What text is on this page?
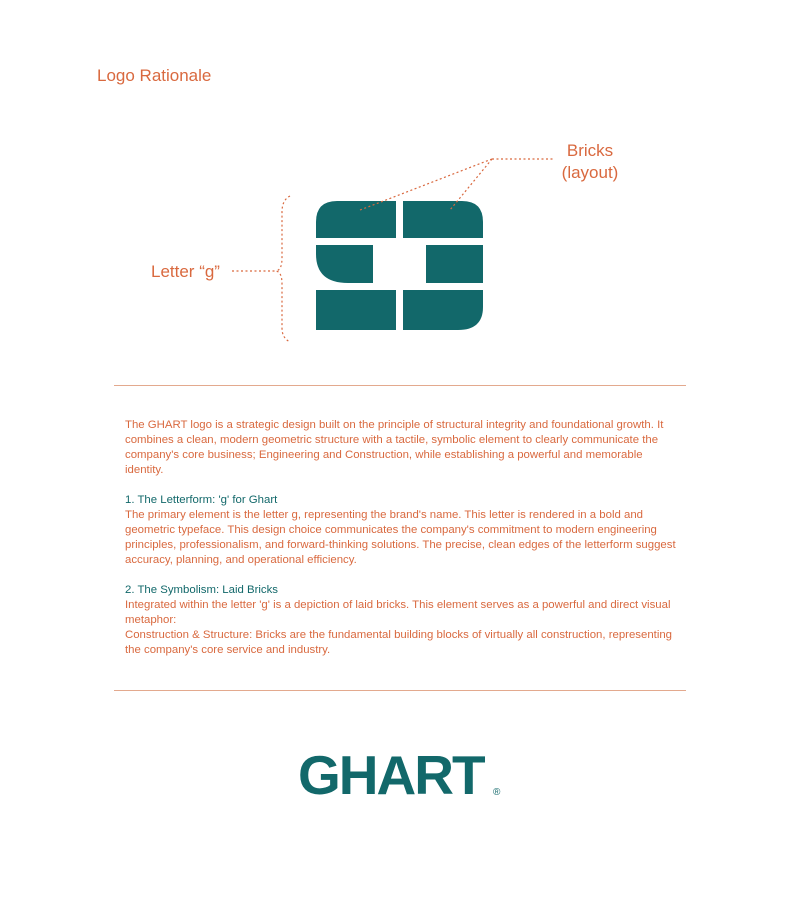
Logo Rationale
Bricks
(layout)
Letter “g”

The GHART logo is a strategic design built on the principle of structural integrity and foundational growth. It combines a clean, modern geometric structure with a tactile, symbolic element to clearly communicate the company's core business; Engineering and Construction, while establishing a powerful and memorable identity.

1. The Letterform: 'g' for Ghart

The primary element is the letter g, representing the brand's name. This letter is rendered in a bold and geometric typeface. This design choice communicates the company's commitment to modern engineering principles, professionalism, and forward-thinking solutions. The precise, clean edges of the letterform suggest accuracy, planning, and operational efficiency.

2. The Symbolism: Laid Bricks

Integrated within the letter 'g' is a depiction of laid bricks. This element serves as a powerful and direct visual metaphor:

Construction & Structure: Bricks are the fundamental building blocks of virtually all construction, representing the company's core service and industry.

GHART ®
